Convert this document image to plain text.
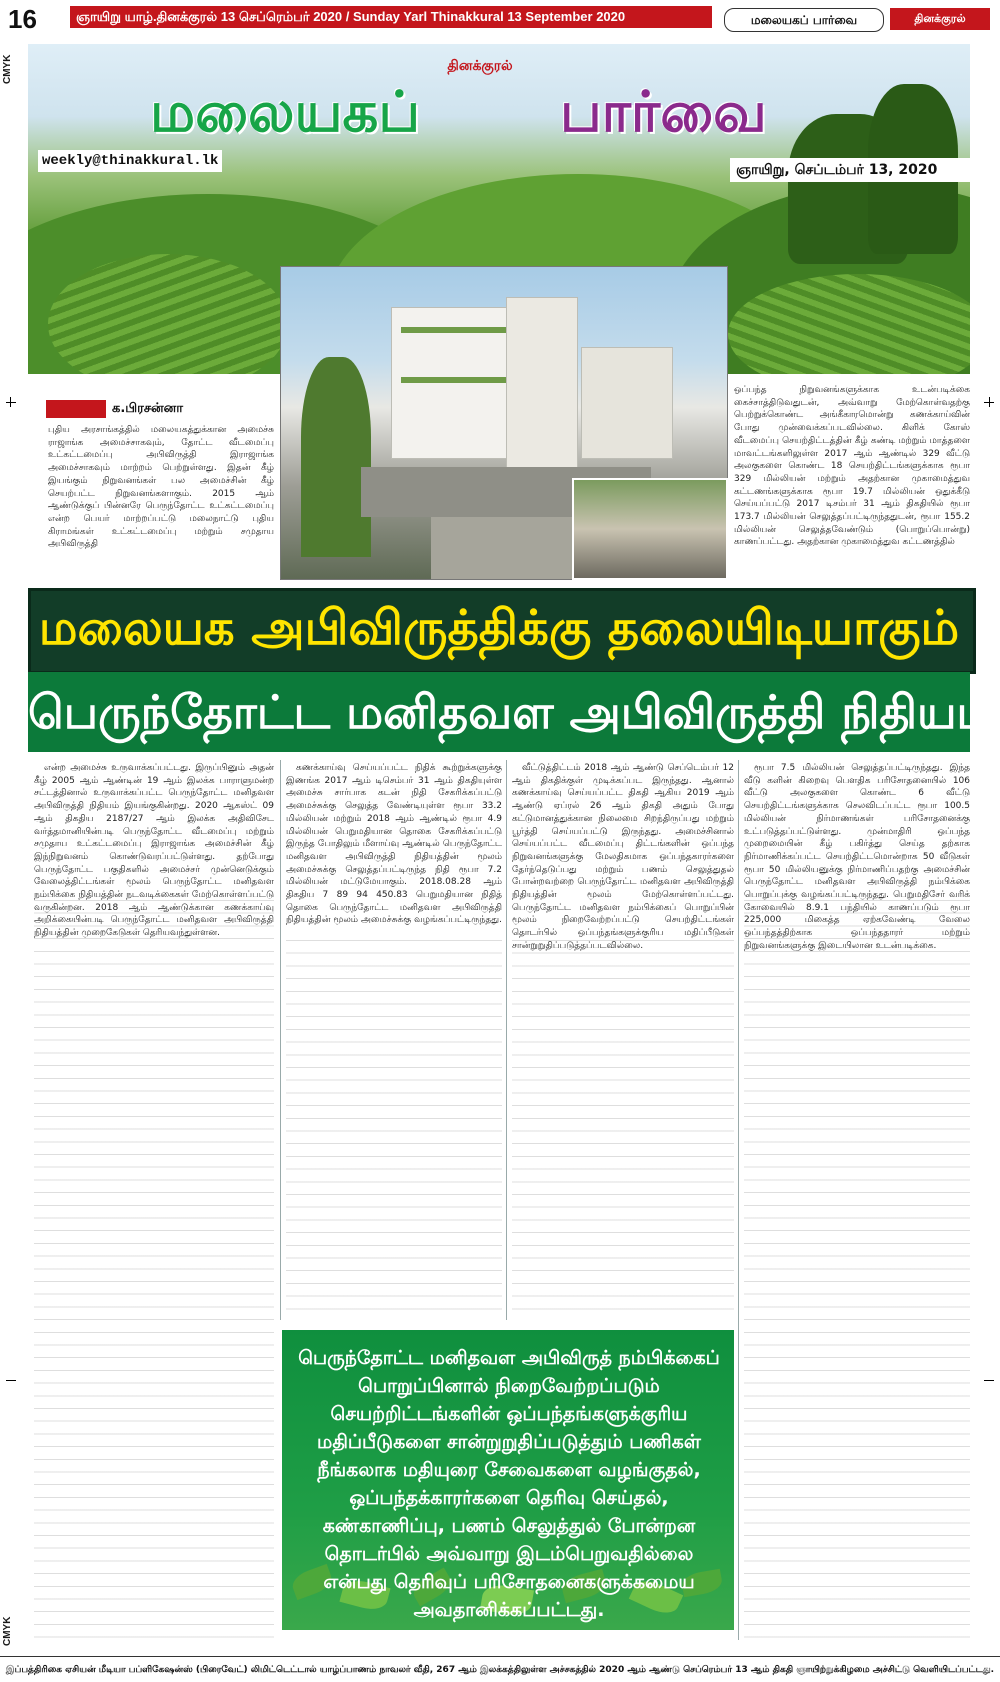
16	ஞாயிறு யாழ்.தினக்குரல் 13 செப்ரெம்பர் 2020 / Sunday Yarl Thinakkural 13 September 2020	மலையகப் பார்வை	தினக்குரல்
CMYK
CMYK
தினக்குரல்
மலையகப்	பார்வை
weekly@thinakkural.lk
ஞாயிறு, செப்டம்பர் 13, 2020
க.பிரசன்னா
புதிய அரசாங்கத்தில் மலையகத்துக்கான அமைச்சு ராஜாங்க அமைச்சாகவும், தோட்ட வீடமைப்பு உட்கட்டமைப்பு அபிவிருத்தி இராஜாங்க அமைச்சாகவும் மாற்றம் பெற்றுள்ளது. இதன் கீழ் இயங்கும் நிறுவனங்கள் பல அமைச்சின் கீழ் செயற்பட்ட நிறுவனங்களாகும். 2015 ஆம் ஆண்டுக்குப் பின்னரே பெருந்தோட்ட உட்கட்டமைப்பு என்ற பெயர் மாற்றப்பட்டு மலைநாட்டு புதிய கிராமங்கள் உட்கட்டமைப்பு மற்றும் சமுதாய அபிவிருத்தி
ஒப்பந்த நிறுவனங்களுக்காக உடன்படிக்கை கைச்சாத்திடுவதுடன், அவ்வாறு மேற்கொள்வதற்கு பெற்றுக்கொண்ட அங்கீகாரமொன்று கணக்காய்வின் போது முன்வைக்கப்படவில்லை. கிளிக் கோஸ் வீடமைப்பு செயற்திட்டத்தின் கீழ் கண்டி மற்றும் மாத்தளை மாவட்டங்களிலுள்ள 2017 ஆம் ஆண்டில் 329 வீட்டு அலகுகளை கொண்ட 18 செயற்திட்டங்களுக்காக ரூபா 329 மில்லியன் மற்றும் அதற்கான முகாமைத்துவ கட்டணங்களுக்காக ரூபா 19.7 மில்லியன் ஒதுக்கீடு செய்யப்பட்டு 2017 டிசம்பர் 31 ஆம் திகதியில் ரூபா 173.7 மில்லியன் செலுத்தப்பட்டிருந்ததுடன், ரூபா 155.2 மில்லியன் செலுத்தவேண்டும் (பொறுப்பொன்று) காணப்பட்டது. அதற்கான முகாமைத்துவ கட்டணத்தில்
மலையக அபிவிருத்திக்கு தலையிடியாகும்
பெருந்தோட்ட மனிதவள அபிவிருத்தி நிதியம்

என்ற அமைச்சு உருவாக்கப்பட்டது. இருப்பினும் அதன் கீழ் 2005 ஆம் ஆண்டின் 19 ஆம் இலக்க பாராளுமன்ற சட்டத்தினால் உருவாக்கப்பட்ட பெருந்தோட்ட மனிதவள அபிவிருத்தி நிதியம் இயங்குகின்றது. 2020 ஆகஸ்ட் 09 ஆம் திகதிய 2187/27 ஆம் இலக்க அதிவிசேட வர்த்தமானியின்படி பெருந்தோட்ட வீடமைப்பு மற்றும் சமுதாய உட்கட்டமைப்பு இராஜாங்க அமைச்சின் கீழ் இந்நிறுவனம் கொண்டுவரப்பட்டுள்ளது. தற்போது பெருந்தோட்ட பகுதிகளில் அமைச்சர் முன்னெடுக்கும் வேலைத்திட்டங்கள் மூலம் பெருந்தோட்ட மனிதவள நம்பிக்கை நிதியத்தின் நடவடிக்கைகள் மேற்கொள்ளப்பட்டு வருகின்றன. 2018 ஆம் ஆண்டுக்கான கணக்காய்வு அறிக்கையின்படி பெருந்தோட்ட மனிதவள அபிவிருத்தி நிதியத்தின் முறைகேடுகள் தெரியவந்துள்ளன.

கணக்காய்வு செய்யப்பட்ட நிதிக் கூற்றுக்களுக்கு இணங்க 2017 ஆம் டிசெம்பர் 31 ஆம் திகதியுள்ள அமைச்சு சார்பாக கடன் நிதி சேகரிக்கப்பட்டு அமைச்சுக்கு செலுத்த வேண்டியுள்ள ரூபா 33.2 மில்லியன் மற்றும் 2018 ஆம் ஆண்டில் ரூபா 4.9 மில்லியன் பெறுமதியான தொகை சேகரிக்கப்பட்டு இருந்த போதிலும் மீளாய்வு ஆண்டில் பெருந்தோட்ட மனிதவள அபிவிருத்தி நிதியத்தின் மூலம் அமைச்சுக்கு செலுத்தப்பட்டிருந்த நிதி ரூபா 7.2 மில்லியன் மட்டுமேயாகும். 2018.08.28 ஆம் திகதிய 7 89 94 450.83 பெறுமதியான நிதித் தொகை பெருந்தோட்ட மனிதவள அபிவிருத்தி நிதியத்தின் மூலம் அமைச்சுக்கு வழங்கப்பட்டிருந்தது.

வீட்டுத்திட்டம் 2018 ஆம் ஆண்டு செப்டெம்பர் 12 ஆம் திகதிக்குள் முடிக்கப்பட இருந்தது. ஆனால் கணக்காய்வு செய்யப்பட்ட திகதி ஆகிய 2019 ஆம் ஆண்டு ஏப்ரல் 26 ஆம் திகதி அதும் போது கட்டுமானத்துக்கான நிலைமை சிறந்திருப்பது மற்றும் பூர்த்தி செய்யப்பட்டு இருந்தது. அமைச்சினால் செய்யப்பட்ட வீடமைப்பு திட்டங்களின் ஒப்பந்த நிறுவனங்களுக்கு மேலதிகமாக ஒப்பந்தகாரர்களை தேர்ந்தெடுப்பது மற்றும் பணம் செலுத்துதல் போன்றவற்றை பெருந்தோட்ட மனிதவள அபிவிருத்தி நிதியத்தின் மூலம் மேற்கொள்ளப்பட்டது. பெருந்தோட்ட மனிதவள நம்பிக்கைப் பொறுப்பின் மூலம் நிறைவேற்றப்பட்டு செயற்திட்டங்கள் தொடர்பில் ஒப்பந்தங்களுக்குரிய மதிப்பீடுகள் சான்றுறுதிப்படுத்தப்படவில்லை.

ரூபா 7.5 மில்லியன் செலுத்தப்பட்டிருந்தது. இந்த வீடு களின் கிறைவு பௌதிக பரிசோதனையில் 106 வீட்டு அலகுகளை கொண்ட 6 வீட்டு செயற்திட்டங்களுக்காக செலவிடப்பட்ட ரூபா 100.5 மில்லியன் நிர்மாணங்கள் பரிசோதனைக்கு உட்படுத்தப்பட்டுள்ளது. முன்மாதிரி ஒப்பந்த முறைமையின் கீழ் பகிர்த்து செய்த தற்காக நிர்மாணிக்கப்பட்ட செயற்திட்டமொன்றாக 50 வீடுகள் ரூபா 50 மில்லியனுக்கு நிர்மாணிப்பதற்கு அமைச்சின் பெருந்தோட்ட மனிதவள அபிவிருத்தி நம்பிக்கை பொறுப்புக்கு வழங்கப்பட்டிருந்தது. பெறுமதிசேர் வரிக் கோவையில் 8.9.1 பந்தியில் காணப்படும் ரூபா 225,000 மிகைத்த ஏற்கவேண்டி வேலை ஒப்பந்தத்திற்காக ஒப்பந்ததாரர் மற்றும் நிறுவனங்களுக்கு இடையிலான உடன்படிக்கை.

பெருந்தோட்ட மனிதவள அபிவிருத் நம்பிக்கைப் பொறுப்பினால் நிறைவேற்றப்படும் செயற்றிட்டங்களின் ஒப்பந்தங்களுக்குரிய மதிப்பீடுகளை சான்றுறுதிப்படுத்தும் பணிகள் நீங்கலாக மதியுரை சேவைகளை வழங்குதல், ஒப்பந்தக்காரர்களை தெரிவு செய்தல், கண்காணிப்பு, பணம் செலுத்துல் போன்றன தொடர்பில் அவ்வாறு இடம்பெறுவதில்லை என்பது தெரிவுப் பரிசோதனைகளுக்கமைய அவதானிக்கப்பட்டது.
இப்பத்திரிகை ஏசியன் மீடியா பப்ளிகேஷன்ஸ் (பிரைவேட்) லிமிட்டெட்டால் யாழ்ப்பாணம் நாவலர் வீதி, 267 ஆம் இலக்கத்திலுள்ள அச்சகத்தில் 2020 ஆம் ஆண்டு செப்ரெம்பர் 13 ஆம் திகதி ஞாயிற்றுக்கிழமை அச்சிட்டு வெளியிடப்பட்டது.
